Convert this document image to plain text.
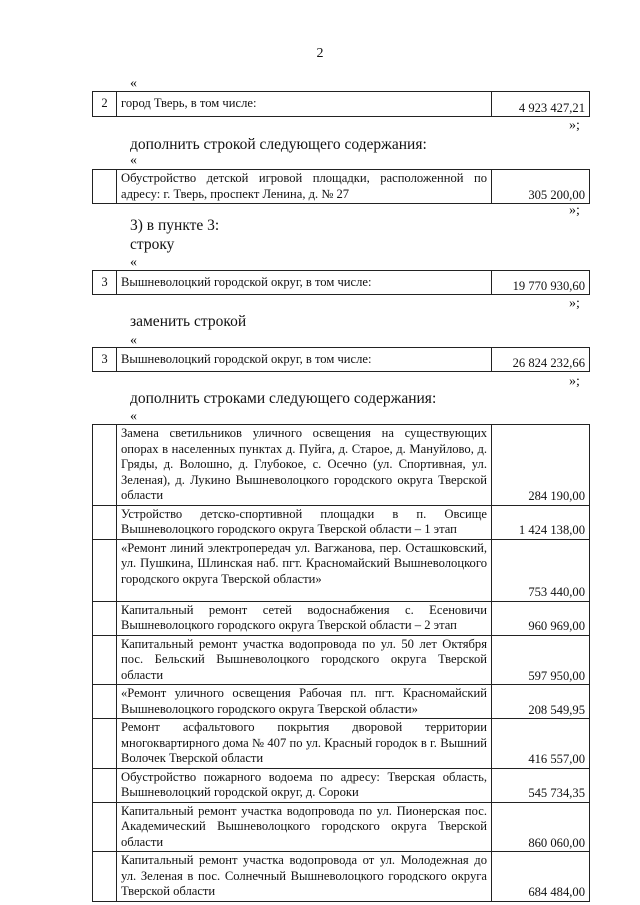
2
«
2	город Тверь, в том числе:	4 923 427,21
»;
дополнить строкой следующего содержания:
«
	Обустройство детской игровой площадки, расположенной по адресу: г. Тверь, проспект Ленина, д. № 27	305 200,00
»;
3) в пункте 3:
строку
«
3	Вышневолоцкий городской округ, в том числе:	19 770 930,60
»;
заменить строкой
«
3	Вышневолоцкий городской округ, в том числе:	26 824 232,66
»;
дополнить строками следующего содержания:
«
	Замена светильников уличного освещения на существующих опорах в населенных пунктах д. Пуйга, д. Старое, д. Мануйлово, д. Гряды, д. Волошно, д. Глубокое, с. Осечно (ул. Спортивная, ул. Зеленая), д. Лукино Вышневолоцкого городского округа Тверской области	284 190,00
	Устройство детско-спортивной площадки в п. Овсище Вышневолоцкого городского округа Тверской области – 1 этап	1 424 138,00
	«Ремонт линий электропередач ул. Вагжанова, пер. Осташковский, ул. Пушкина, Шлинская наб. пгт. Красномайский Вышневолоцкого городского округа Тверской области»	753 440,00
	Капитальный ремонт сетей водоснабжения с. Есеновичи Вышневолоцкого городского округа Тверской области – 2 этап	960 969,00
	Капитальный ремонт участка водопровода по ул. 50 лет Октября пос. Бельский Вышневолоцкого городского округа Тверской области	597 950,00
	«Ремонт уличного освещения Рабочая пл. пгт. Красномайский Вышневолоцкого городского округа Тверской области»	208 549,95
	Ремонт асфальтового покрытия дворовой территории многоквартирного дома № 407 по ул. Красный городок в г. Вышний Волочек Тверской области	416 557,00
	Обустройство пожарного водоема по адресу: Тверская область, Вышневолоцкий городской округ, д. Сороки	545 734,35
	Капитальный ремонт участка водопровода по ул. Пионерская пос. Академический Вышневолоцкого городского округа Тверской области	860 060,00
	Капитальный ремонт участка водопровода от ул. Молодежная до ул. Зеленая в пос. Солнечный Вышневолоцкого городского округа Тверской области	684 484,00
